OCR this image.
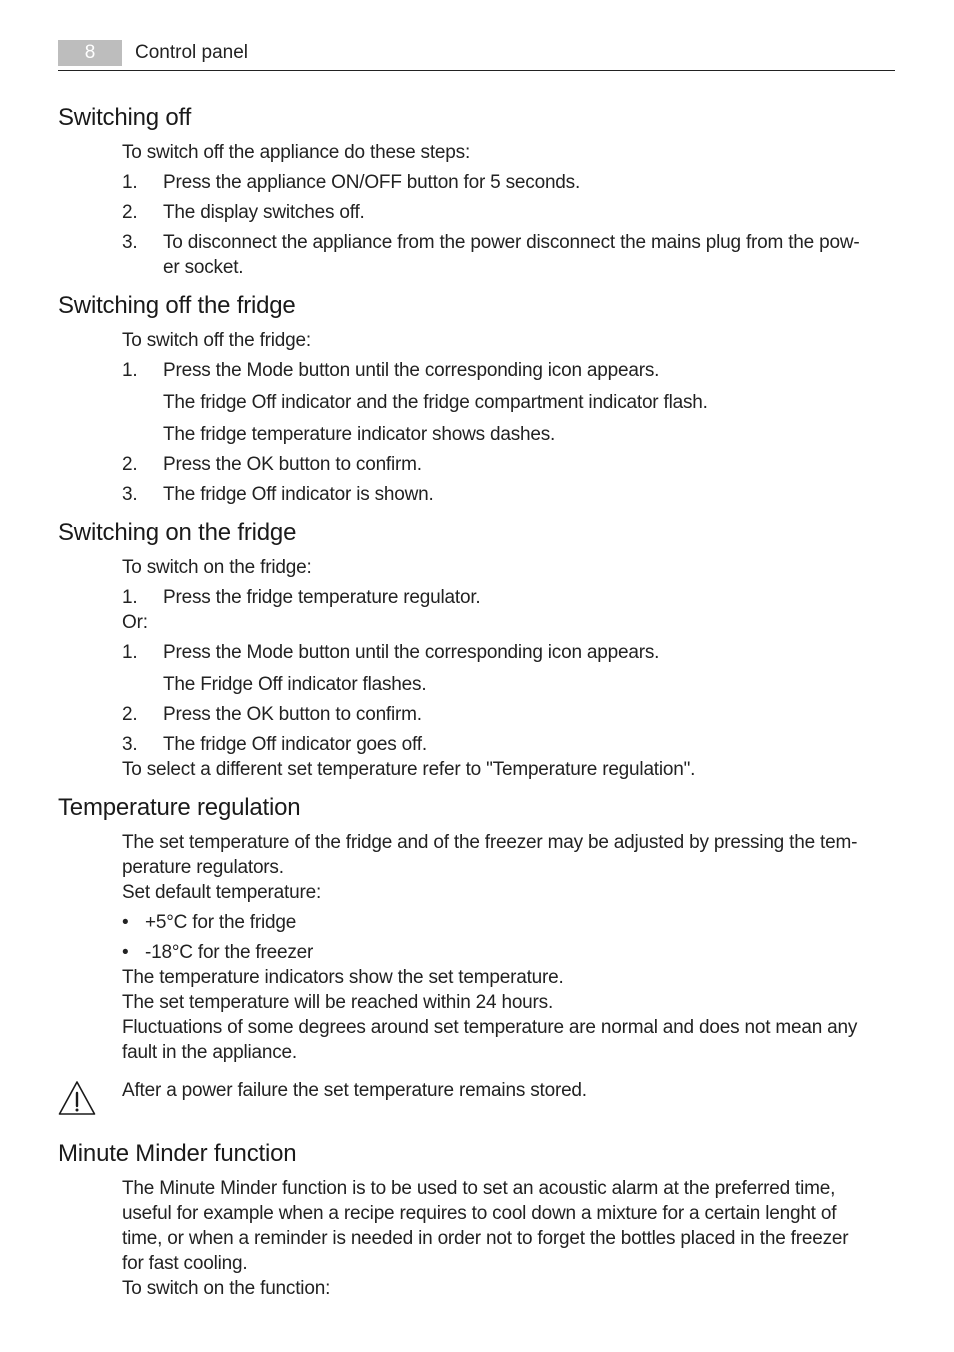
8	Control panel
Switching off
To switch off the appliance do these steps:
1. Press the appliance ON/OFF button for 5 seconds.
2. The display switches off.
3. To disconnect the appliance from the power disconnect the mains plug from the pow-
er socket.
Switching off the fridge
To switch off the fridge:
1. Press the Mode button until the corresponding icon appears.
The fridge Off indicator and the fridge compartment indicator flash.
The fridge temperature indicator shows dashes.
2. Press the OK button to confirm.
3. The fridge Off indicator is shown.
Switching on the fridge
To switch on the fridge:
1. Press the fridge temperature regulator.
Or:
1. Press the Mode button until the corresponding icon appears.
The Fridge Off indicator flashes.
2. Press the OK button to confirm.
3. The fridge Off indicator goes off.
To select a different set temperature refer to "Temperature regulation".
Temperature regulation
The set temperature of the fridge and of the freezer may be adjusted by pressing the tem-
perature regulators.
Set default temperature:
• +5°C for the fridge
• -18°C for the freezer
The temperature indicators show the set temperature.
The set temperature will be reached within 24 hours.
Fluctuations of some degrees around set temperature are normal and does not mean any
fault in the appliance.
After a power failure the set temperature remains stored.
Minute Minder function
The Minute Minder function is to be used to set an acoustic alarm at the preferred time,
useful for example when a recipe requires to cool down a mixture for a certain lenght of
time, or when a reminder is needed in order not to forget the bottles placed in the freezer
for fast cooling.
To switch on the function:
